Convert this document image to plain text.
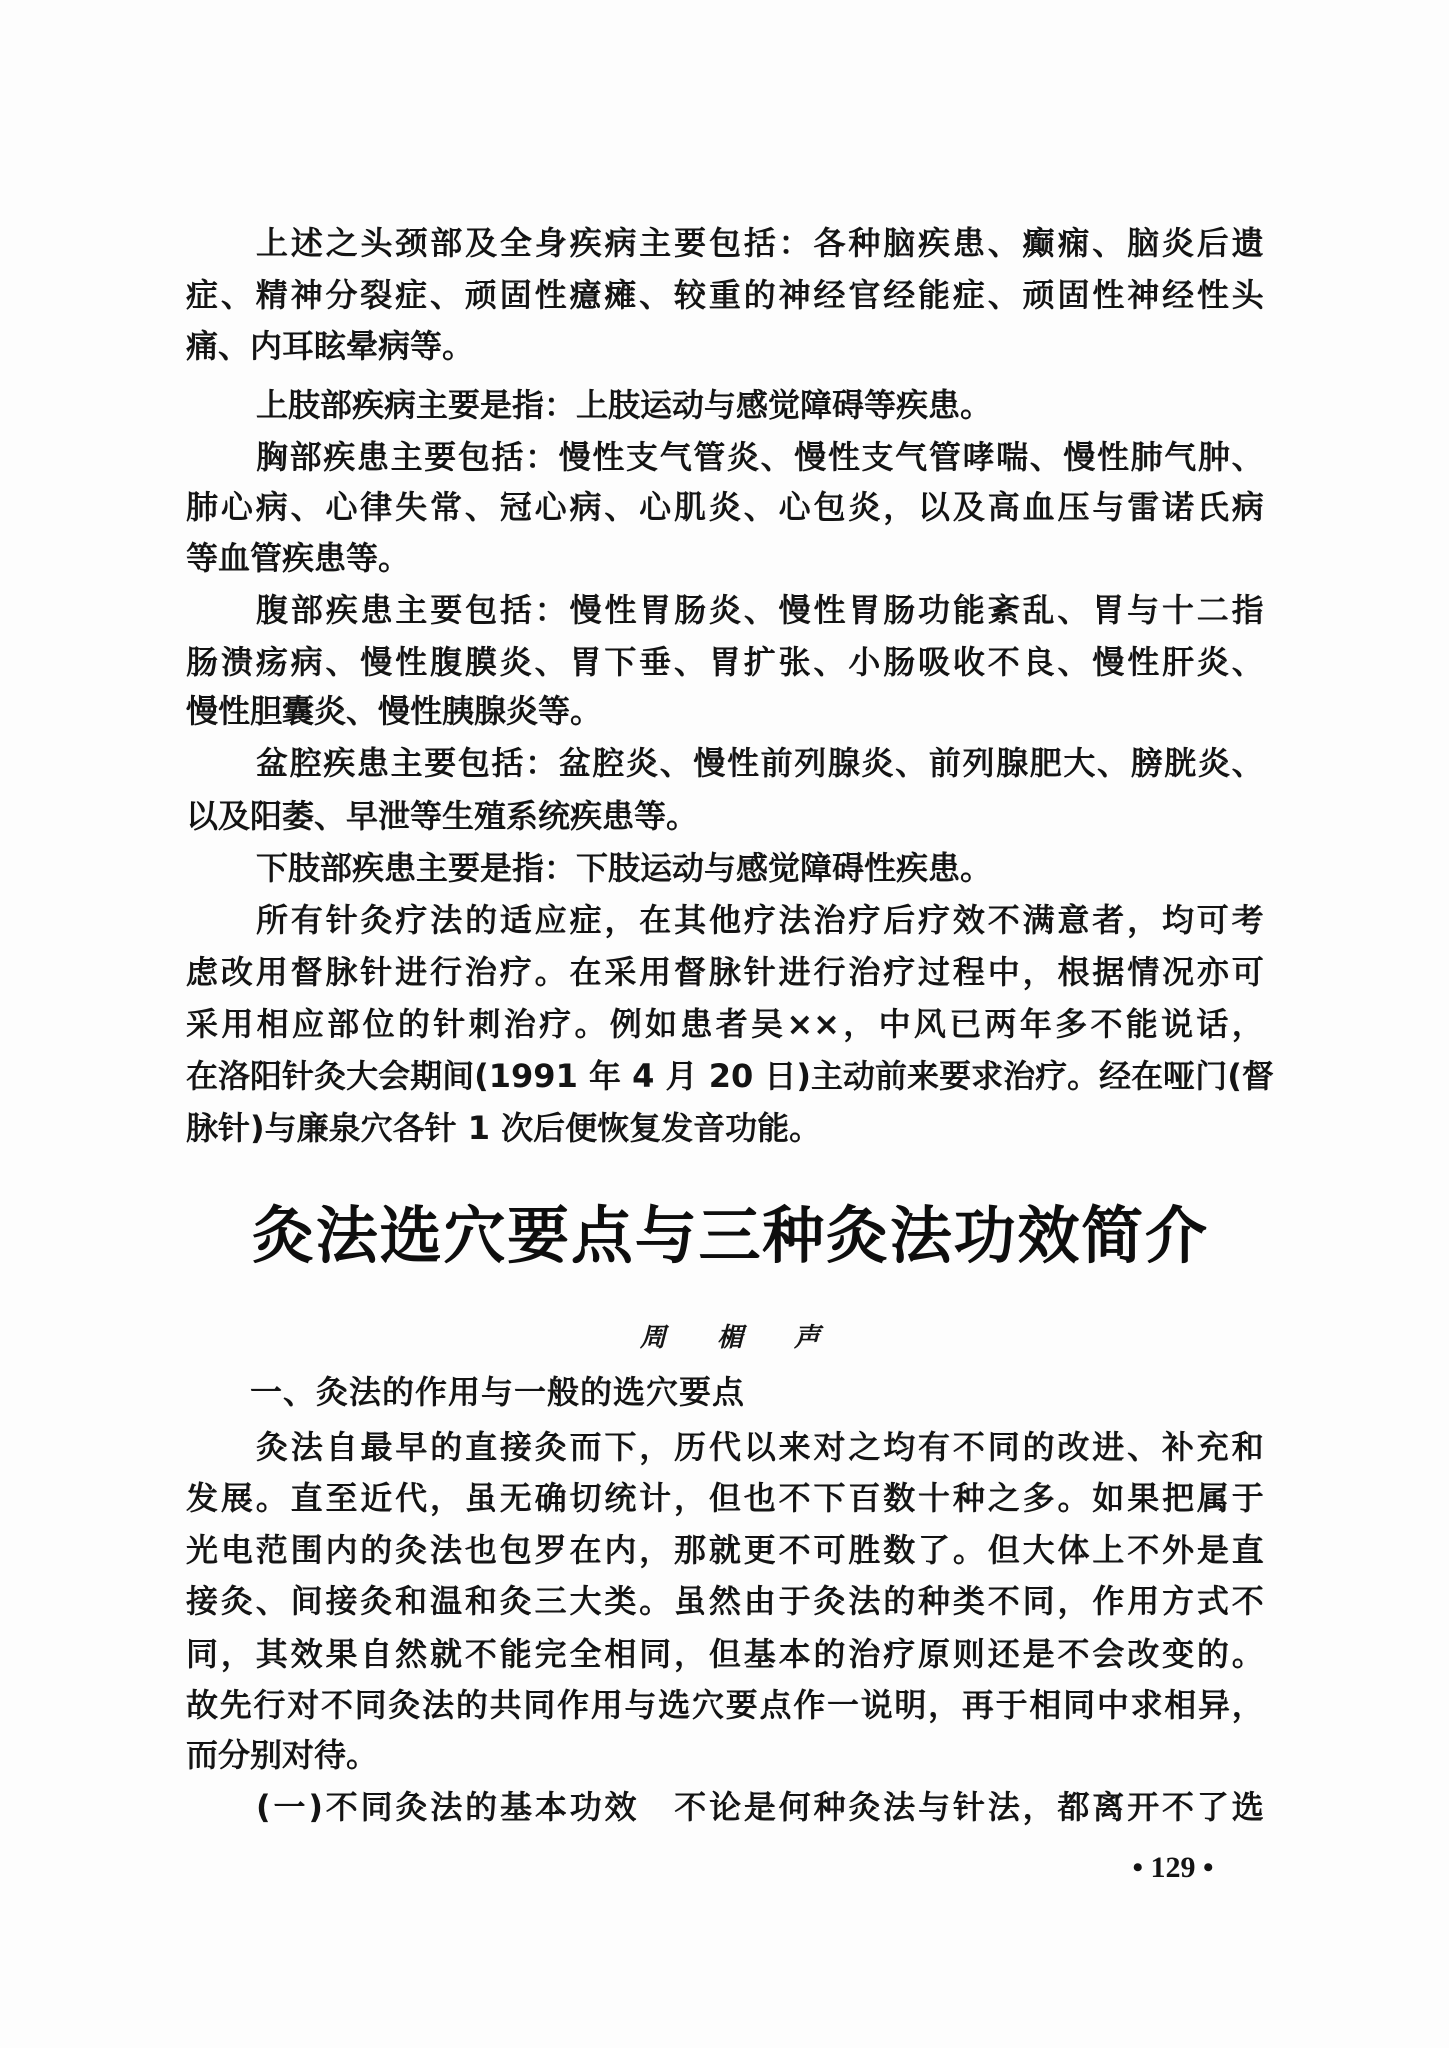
上述之头颈部及全身疾病主要包括：各种脑疾患、癫痫、脑炎后遗
症、精神分裂症、顽固性癔瘫、较重的神经官经能症、顽固性神经性头
痛、内耳眩晕病等。
上肢部疾病主要是指：上肢运动与感觉障碍等疾患。
胸部疾患主要包括：慢性支气管炎、慢性支气管哮喘、慢性肺气肿、
肺心病、心律失常、冠心病、心肌炎、心包炎，以及高血压与雷诺氏病
等血管疾患等。
腹部疾患主要包括：慢性胃肠炎、慢性胃肠功能紊乱、胃与十二指
肠溃疡病、慢性腹膜炎、胃下垂、胃扩张、小肠吸收不良、慢性肝炎、
慢性胆囊炎、慢性胰腺炎等。
盆腔疾患主要包括：盆腔炎、慢性前列腺炎、前列腺肥大、膀胱炎、
以及阳萎、早泄等生殖系统疾患等。
下肢部疾患主要是指：下肢运动与感觉障碍性疾患。
所有针灸疗法的适应症，在其他疗法治疗后疗效不满意者，均可考
虑改用督脉针进行治疗。在采用督脉针进行治疗过程中，根据情况亦可
采用相应部位的针刺治疗。例如患者吴××，中风已两年多不能说话，
在洛阳针灸大会期间(1991 年 4 月 20 日)主动前来要求治疗。经在哑门(督
脉针)与廉泉穴各针 1 次后便恢复发音功能。
灸法选穴要点与三种灸法功效简介
周楣声
一、灸法的作用与一般的选穴要点
灸法自最早的直接灸而下，历代以来对之均有不同的改进、补充和
发展。直至近代，虽无确切统计，但也不下百数十种之多。如果把属于
光电范围内的灸法也包罗在内，那就更不可胜数了。但大体上不外是直
接灸、间接灸和温和灸三大类。虽然由于灸法的种类不同，作用方式不
同，其效果自然就不能完全相同，但基本的治疗原则还是不会改变的。
故先行对不同灸法的共同作用与选穴要点作一说明，再于相同中求相异，
而分别对待。
(一)不同灸法的基本功效　 不论是何种灸法与针法，都离开不了选
• 129 •
